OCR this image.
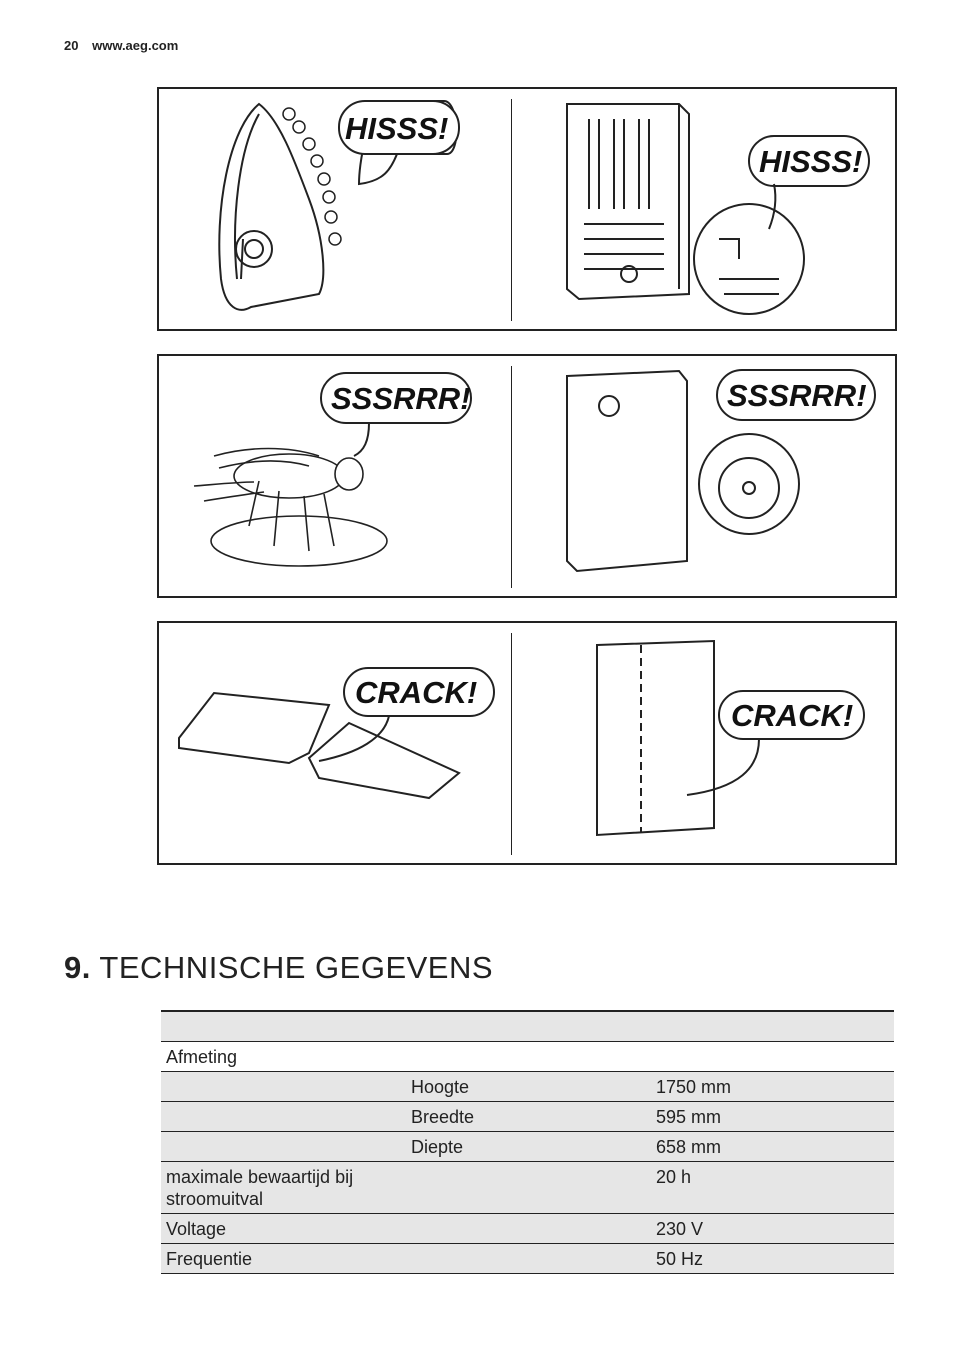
20 www.aeg.com
HISSS!
HISSS!
SSSRRR!	SSSRRR!
CRACK!
CRACK!
9. TECHNISCHE GEGEVENS

Afmeting		
	Hoogte	1750 mm
	Breedte	595 mm
	Diepte	658 mm
maximale bewaartijd bij stroomuitval		20 h
Voltage		230 V
Frequentie		50 Hz
